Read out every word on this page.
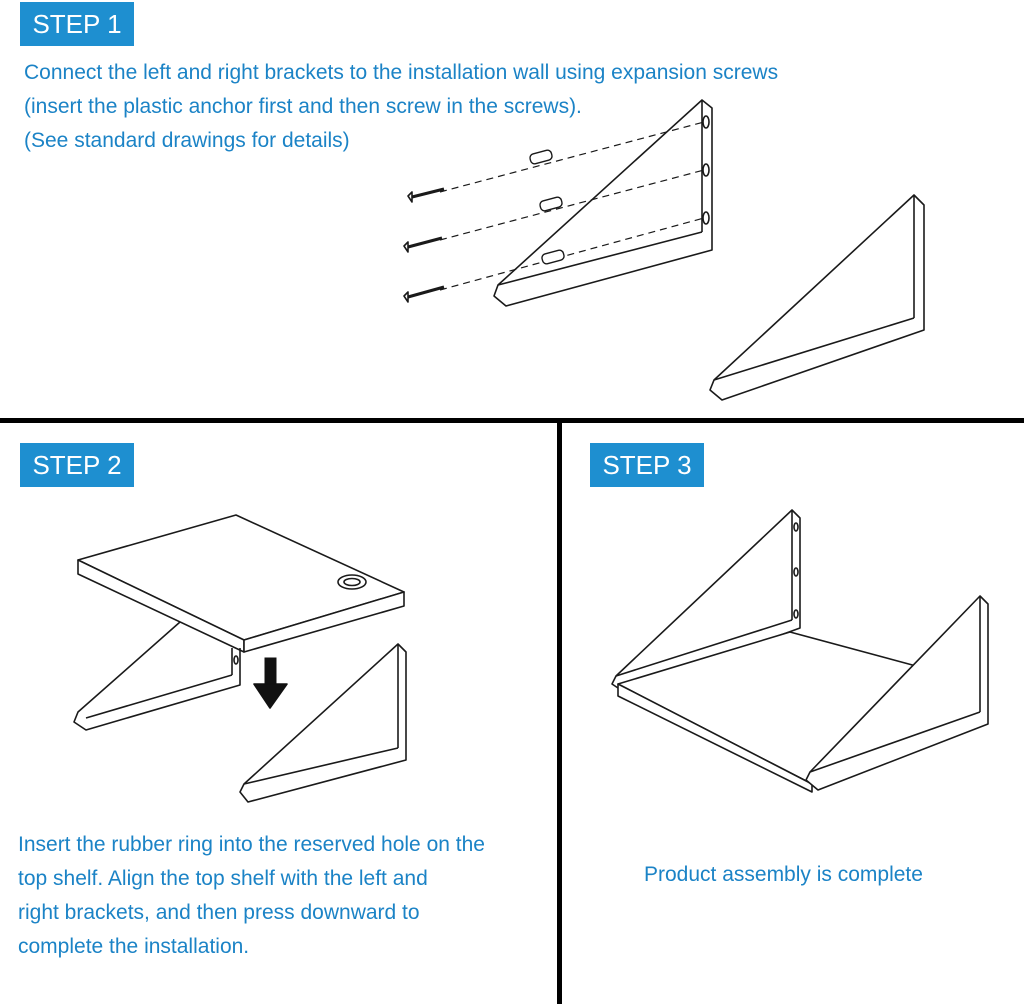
STEP 1

Connect the left and right brackets to the installation wall using expansion screws

(insert the plastic anchor first and then screw in the screws).

(See standard drawings for details)

STEP 2

Insert the rubber ring into the reserved hole on the

top shelf. Align the top shelf with the left and

right brackets, and then press downward to

complete the installation.

STEP 3

Product assembly is complete
